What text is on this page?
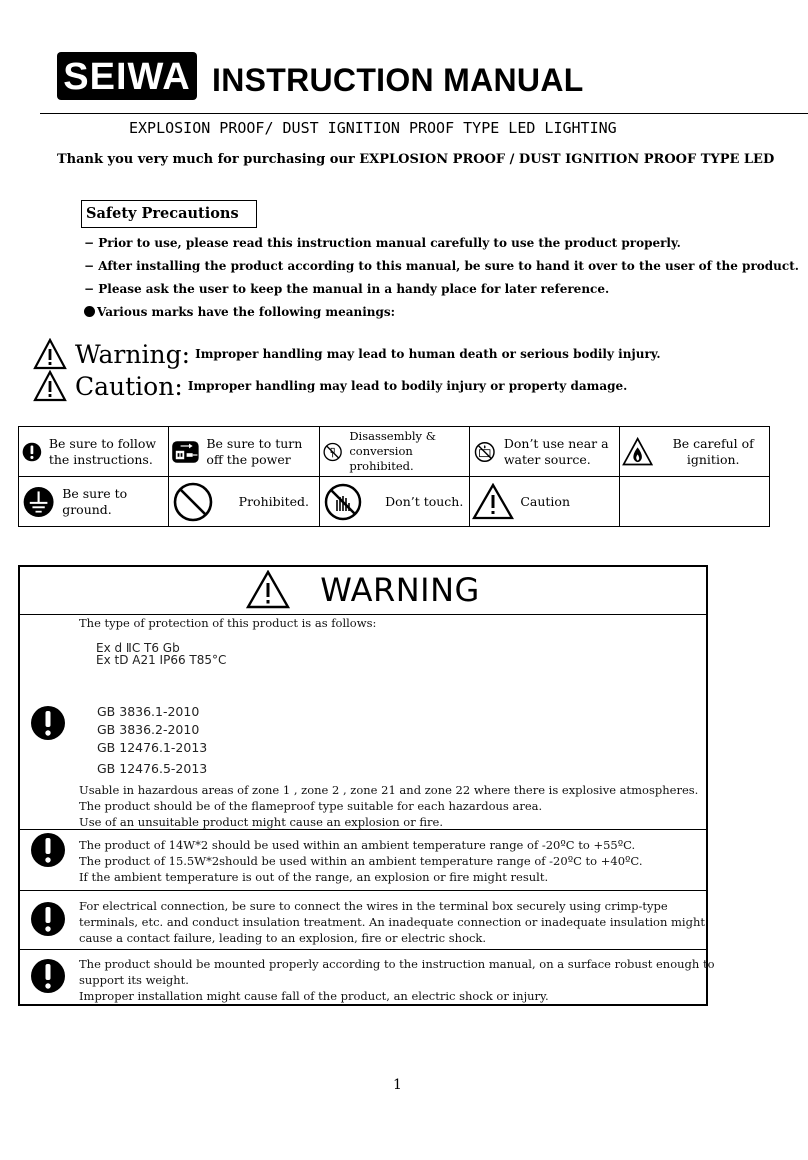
SEIWA INSTRUCTION MANUAL
EXPLOSION PROOF/ DUST IGNITION PROOF TYPE LED LIGHTING
Thank you very much for purchasing our EXPLOSION PROOF / DUST IGNITION PROOF TYPE LED
Safety Precautions
− Prior to use, please read this instruction manual carefully to use the product properly.
− After installing the product according to this manual, be sure to hand it over to the user of the product.
− Please ask the user to keep the manual in a handy place for later reference.
Various marks have the following meanings:
Warning: Improper handling may lead to human death or serious bodily injury.
Caution: Improper handling may lead to bodily injury or property damage.
Be sure to follow the instructions.	Be sure to turn off the power	Disassembly & conversion prohibited.	Don’t use near a water source.	Be careful of ignition.

Be sure to ground.	Prohibited.	Don’t touch.	Caution	

WARNING
The type of protection of this product is as follows:
Ex d ⅡC T6 Gb
Ex tD A21 IP66 T85°C
GB 3836.1-2010
GB 3836.2-2010
GB 12476.1-2013
GB 12476.5-2013
Usable in hazardous areas of zone 1 , zone 2 , zone 21 and zone 22 where there is explosive atmospheres.
The product should be of the flameproof type suitable for each hazardous area.
Use of an unsuitable product might cause an explosion or fire.
The product of 14W*2 should be used within an ambient temperature range of -20ºC to +55ºC.
The product of 15.5W*2should be used within an ambient temperature range of -20ºC to +40ºC.
If the ambient temperature is out of the range, an explosion or fire might result.
For electrical connection, be sure to connect the wires in the terminal box securely using crimp-type
terminals, etc. and conduct insulation treatment. An inadequate connection or inadequate insulation might
cause a contact failure, leading to an explosion, fire or electric shock.
The product should be mounted properly according to the instruction manual, on a surface robust enough to
support its weight.
Improper installation might cause fall of the product, an electric shock or injury.
1
